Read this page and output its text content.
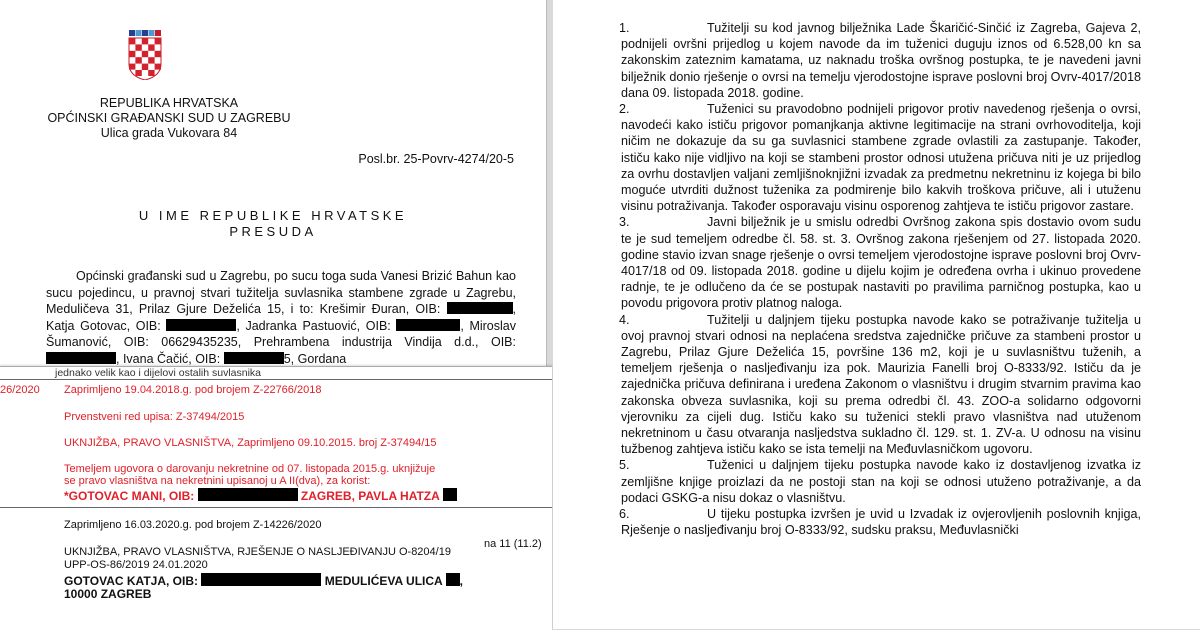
REPUBLIKA HRVATSKA
OPĆINSKI GRAĐANSKI SUD U ZAGREBU
Ulica grada Vukovara 84
Posl.br. 25-Povrv-4274/20-5
U IME REPUBLIKE HRVATSKE
PRESUDA

Općinski građanski sud u Zagrebu, po sucu toga suda Vanesi Brizić Bahun kao sucu pojedincu, u pravnoj stvari tužitelja suvlasnika stambene zgrade u Zagrebu, Meduličeva 31, Prilaz Gjure Deželića 15, i to: Krešimir Đuran, OIB:	, Katja Gotovac, OIB:	, Jadranka Pastuović, OIB:	, Miroslav Šumanović, OIB: 06629435235, Prehrambena industrija Vindija d.d., OIB: , Ivana Čačić, OIB:	5, Gordana

jednako velik kao i dijelovi ostalih suvlasnika
26/2020 Zaprimljeno 19.04.2018.g. pod brojem Z-22766/2018
Prvenstveni red upisa: Z-37494/2015
UKNJIŽBA, PRAVO VLASNIŠTVA, Zaprimljeno 09.10.2015. broj Z-37494/15
Temeljem ugovora o darovanju nekretnine od 07. listopada 2015.g. uknjižuje
se pravo vlasništva na nekretnini upisanoj u A II(dva), za korist:
*GOTOVAC MANI, OIB:	ZAGREB, PAVLA HATZA
Zaprimljeno 16.03.2020.g. pod brojem Z-14226/2020
na 11 (11.2)
UKNJIŽBA, PRAVO VLASNIŠTVA, RJEŠENJE O NASLJEĐIVANJU O-8204/19
UPP-OS-86/2019 24.01.2020
GOTOVAC KATJA, OIB:	MEDULIĆEVA ULICA ,
10000 ZAGREB
1.	Tužitelji su kod javnog bilježnika Lade Škaričić-Sinčić iz Zagreba, Gajeva 2, podnijeli ovršni prijedlog u kojem navode da im tuženici duguju iznos od 6.528,00 kn sa zakonskim zateznim kamatama, uz naknadu troška ovršnog postupka, te je navedeni javni bilježnik donio rješenje o ovrsi na temelju vjerodostojne isprave poslovni broj Ovrv-4017/2018 dana 09. listopada 2018. godine.
2.	Tuženici su pravodobno podnijeli prigovor protiv navedenog rješenja o ovrsi, navodeći kako ističu prigovor pomanjkanja aktivne legitimacije na strani ovrhovoditelja, koji ničim ne dokazuje da su ga suvlasnici stambene zgrade ovlastili za zastupanje. Također, ističu kako nije vidljivo na koji se stambeni prostor odnosi utužena pričuva niti je uz prijedlog za ovrhu dostavljen valjani zemljišnoknjižni izvadak za predmetnu nekretninu iz kojega bi bilo moguće utvrditi dužnost tuženika za podmirenje bilo kakvih troškova pričuve, ali i utuženu visinu potraživanja. Također osporavaju visinu osporenog zahtjeva te ističu prigovor zastare.
3.	Javni bilježnik je u smislu odredbi Ovršnog zakona spis dostavio ovom sudu te je sud temeljem odredbe čl. 58. st. 3. Ovršnog zakona rješenjem od 27. listopada 2020. godine stavio izvan snage rješenje o ovrsi temeljem vjerodostojne isprave poslovni broj Ovrv-4017/18 od 09. listopada 2018. godine u dijelu kojim je određena ovrha i ukinuo provedene radnje, te je odlučeno da će se postupak nastaviti po pravilima parničnog postupka, kao u povodu prigovora protiv platnog naloga.
4.	Tužitelji u daljnjem tijeku postupka navode kako se potraživanje tužitelja u ovoj pravnoj stvari odnosi na neplaćena sredstva zajedničke pričuve za stambeni prostor u Zagrebu, Prilaz Gjure Deželića 15, površine 136 m2, koji je u suvlasništvu tuženih, a temeljem rješenja o nasljeđivanju iza pok. Maurizia Fanelli broj O-8333/92. Ističu da je zajednička pričuva definirana i uređena Zakonom o vlasništvu i drugim stvarnim pravima kao zakonska obveza suvlasnika, koji su prema odredbi čl. 43. ZOO-a solidarno odgovorni vjerovniku za cijeli dug. Ističu kako su tuženici stekli pravo vlasništva nad utuženom nekretninom u času otvaranja nasljedstva sukladno čl. 129. st. 1. ZV-a. U odnosu na visinu tužbenog zahtjeva ističu kako se ista temelji na Međuvlasničkom ugovoru.
5.	Tuženici u daljnjem tijeku postupka navode kako iz dostavljenog izvatka iz zemljišne knjige proizlazi da ne postoji stan na koji se odnosi utuženo potraživanje, a da podaci GSKG-a nisu dokaz o vlasništvu.
6.	U tijeku postupka izvršen je uvid u Izvadak iz ovjerovljenih poslovnih knjiga, Rješenje o nasljeđivanju broj O-8333/92, sudsku praksu, Međuvlasnički
